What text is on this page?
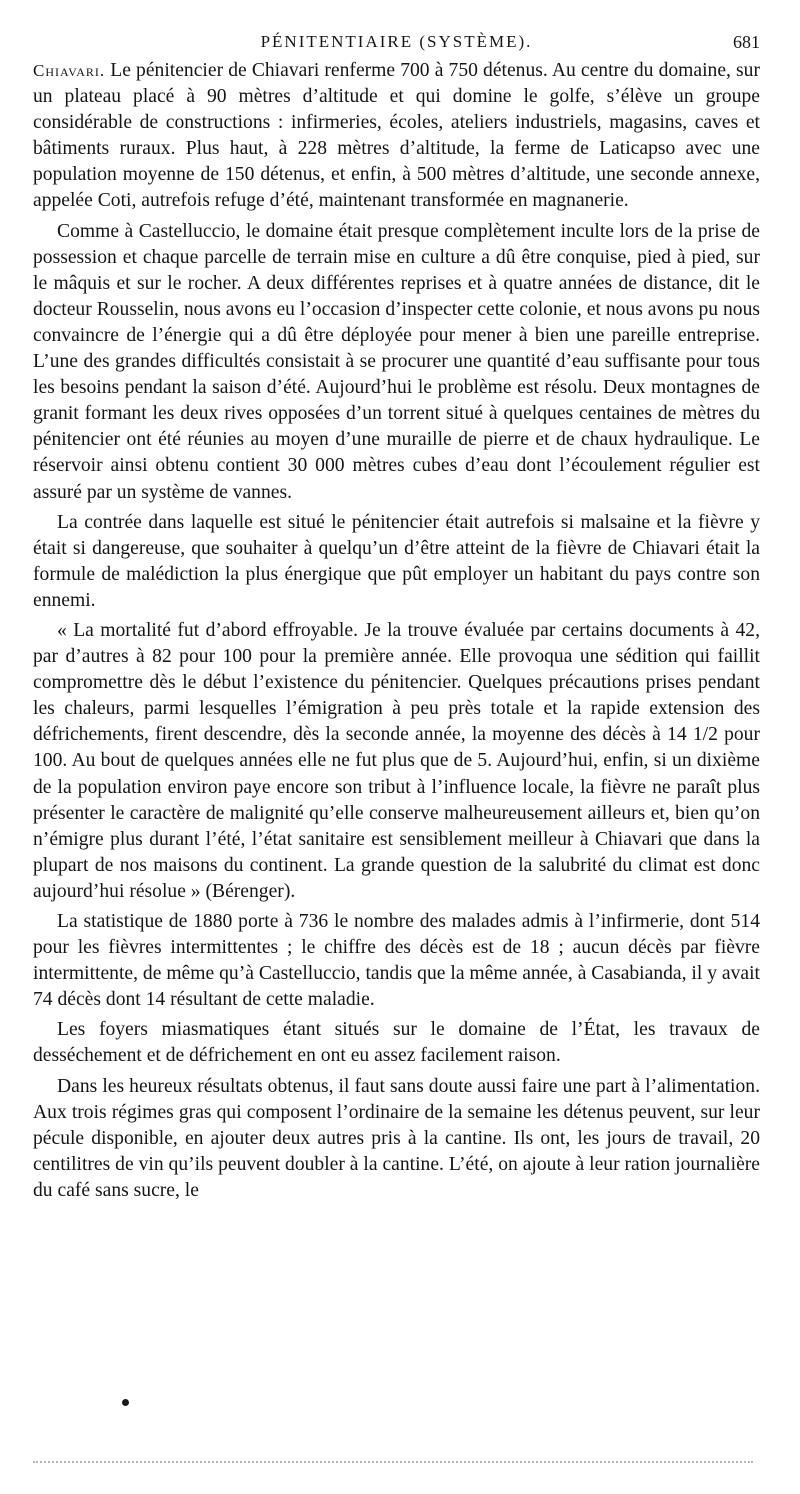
PÉNITENTIAIRE (SYSTÈME).	681

Chiavari. Le pénitencier de Chiavari renferme 700 à 750 détenus. Au centre du domaine, sur un plateau placé à 90 mètres d’altitude et qui domine le golfe, s’élève un groupe considérable de constructions : infirmeries, écoles, ateliers industriels, magasins, caves et bâtiments ruraux. Plus haut, à 228 mètres d’altitude, la ferme de Laticapso avec une population moyenne de 150 détenus, et enfin, à 500 mètres d’altitude, une seconde annexe, appelée Coti, autrefois refuge d’été, maintenant transformée en magnanerie.

Comme à Castelluccio, le domaine était presque complètement inculte lors de la prise de possession et chaque parcelle de terrain mise en culture a dû être conquise, pied à pied, sur le mâquis et sur le rocher. A deux différentes reprises et à quatre années de distance, dit le docteur Rousselin, nous avons eu l’occasion d’inspecter cette colonie, et nous avons pu nous convaincre de l’énergie qui a dû être déployée pour mener à bien une pareille entreprise. L’une des grandes difficultés consistait à se procurer une quantité d’eau suffisante pour tous les besoins pendant la saison d’été. Aujourd’hui le problème est résolu. Deux montagnes de granit formant les deux rives opposées d’un torrent situé à quelques centaines de mètres du pénitencier ont été réunies au moyen d’une muraille de pierre et de chaux hydraulique. Le réservoir ainsi obtenu contient 30 000 mètres cubes d’eau dont l’écoulement régulier est assuré par un système de vannes.

La contrée dans laquelle est situé le pénitencier était autrefois si malsaine et la fièvre y était si dangereuse, que souhaiter à quelqu’un d’être atteint de la fièvre de Chiavari était la formule de malédiction la plus énergique que pût employer un habitant du pays contre son ennemi.

« La mortalité fut d’abord effroyable. Je la trouve évaluée par certains documents à 42, par d’autres à 82 pour 100 pour la première année. Elle provoqua une sédition qui faillit compromettre dès le début l’existence du pénitencier. Quelques précautions prises pendant les chaleurs, parmi lesquelles l’émigration à peu près totale et la rapide extension des défrichements, firent descendre, dès la seconde année, la moyenne des décès à 14 1/2 pour 100. Au bout de quelques années elle ne fut plus que de 5. Aujourd’hui, enfin, si un dixième de la population environ paye encore son tribut à l’influence locale, la fièvre ne paraît plus présenter le caractère de malignité qu’elle conserve malheureusement ailleurs et, bien qu’on n’émigre plus durant l’été, l’état sanitaire est sensiblement meilleur à Chiavari que dans la plupart de nos maisons du continent. La grande question de la salubrité du climat est donc aujourd’hui résolue » (Bérenger).

La statistique de 1880 porte à 736 le nombre des malades admis à l’infirmerie, dont 514 pour les fièvres intermittentes ; le chiffre des décès est de 18 ; aucun décès par fièvre intermittente, de même qu’à Castelluccio, tandis que la même année, à Casabianda, il y avait 74 décès dont 14 résultant de cette maladie.

Les foyers miasmatiques étant situés sur le domaine de l’État, les travaux de desséchement et de défrichement en ont eu assez facilement raison.

Dans les heureux résultats obtenus, il faut sans doute aussi faire une part à l’alimentation. Aux trois régimes gras qui composent l’ordinaire de la semaine les détenus peuvent, sur leur pécule disponible, en ajouter deux autres pris à la cantine. Ils ont, les jours de travail, 20 centilitres de vin qu’ils peuvent doubler à la cantine. L’été, on ajoute à leur ration journalière du café sans sucre, le
